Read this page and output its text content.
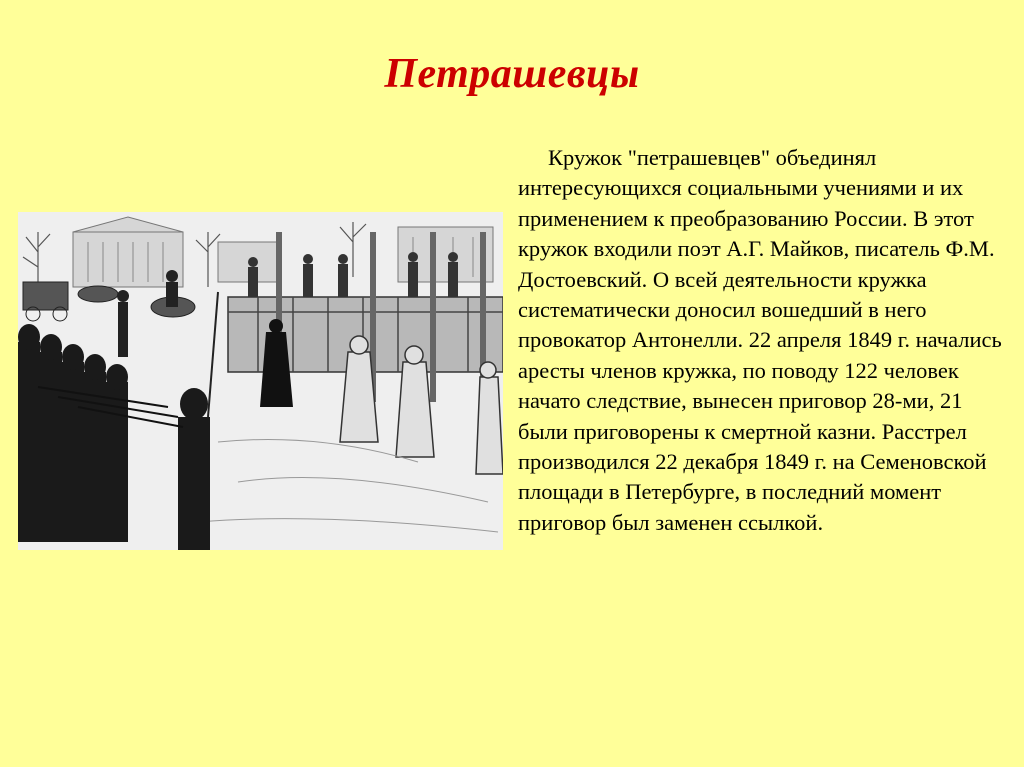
Петрашевцы

Кружок "петрашевцев" объединял интересующихся социальными учениями и их применением к преобразованию России. В этот кружок входили поэт А.Г. Майков, писатель Ф.М. Достоевский. О всей деятельности кружка систематически доносил вошедший в него провокатор Антонелли. 22 апреля 1849 г. начались аресты членов кружка, по поводу 122 человек начато следствие, вынесен приговор 28-ми, 21 были приговорены к смертной казни. Расстрел производился 22 декабря 1849 г. на Семеновской площади в Петербурге, в последний момент приговор был заменен ссылкой.
